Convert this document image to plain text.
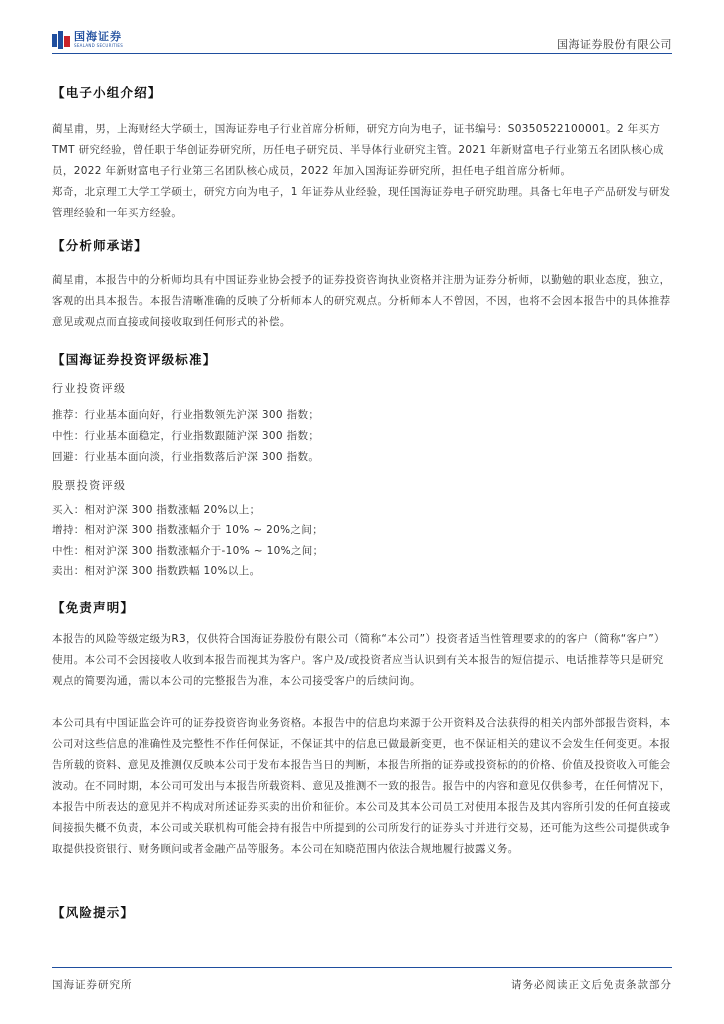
国海证券
SEALAND SECURITIES	国海证券股份有限公司
【电子小组介绍】

蔺星甫，男，上海财经大学硕士，国海证券电子行业首席分析师，研究方向为电子，证书编号：S0350522100001。2 年买方 TMT 研究经验，曾任职于华创证券研究所，历任电子研究员、半导体行业研究主管。2021 年新财富电子行业第五名团队核心成员，2022 年新财富电子行业第三名团队核心成员，2022 年加入国海证券研究所，担任电子组首席分析师。

郑奇，北京理工大学工学硕士，研究方向为电子，1 年证券从业经验，现任国海证券电子研究助理。具备七年电子产品研发与研发管理经验和一年买方经验。

【分析师承诺】

蔺星甫，本报告中的分析师均具有中国证券业协会授予的证券投资咨询执业资格并注册为证券分析师，以勤勉的职业态度，独立，客观的出具本报告。本报告清晰准确的反映了分析师本人的研究观点。分析师本人不曾因，不因，也将不会因本报告中的具体推荐意见或观点而直接或间接收取到任何形式的补偿。

【国海证券投资评级标准】
行业投资评级
推荐：行业基本面向好，行业指数领先沪深 300 指数；
中性：行业基本面稳定，行业指数跟随沪深 300 指数；
回避：行业基本面向淡，行业指数落后沪深 300 指数。
股票投资评级
买入：相对沪深 300 指数涨幅 20%以上；
增持：相对沪深 300 指数涨幅介于 10% ~ 20%之间；
中性：相对沪深 300 指数涨幅介于-10% ~ 10%之间；
卖出：相对沪深 300 指数跌幅 10%以上。
【免责声明】

本报告的风险等级定级为R3，仅供符合国海证券股份有限公司（简称“本公司”）投资者适当性管理要求的的客户（简称“客户”）使用。本公司不会因接收人收到本报告而视其为客户。客户及/或投资者应当认识到有关本报告的短信提示、电话推荐等只是研究观点的简要沟通，需以本公司的完整报告为准，本公司接受客户的后续问询。

本公司具有中国证监会许可的证券投资咨询业务资格。本报告中的信息均来源于公开资料及合法获得的相关内部外部报告资料，本公司对这些信息的准确性及完整性不作任何保证，不保证其中的信息已做最新变更，也不保证相关的建议不会发生任何变更。本报告所载的资料、意见及推测仅反映本公司于发布本报告当日的判断，本报告所指的证券或投资标的的价格、价值及投资收入可能会波动。在不同时期，本公司可发出与本报告所载资料、意见及推测不一致的报告。报告中的内容和意见仅供参考，在任何情况下，本报告中所表达的意见并不构成对所述证券买卖的出价和征价。本公司及其本公司员工对使用本报告及其内容所引发的任何直接或间接损失概不负责，本公司或关联机构可能会持有报告中所提到的公司所发行的证券头寸并进行交易，还可能为这些公司提供或争取提供投资银行、财务顾问或者金融产品等服务。本公司在知晓范围内依法合规地履行披露义务。

【风险提示】
国海证券研究所	请务必阅读正文后免责条款部分
